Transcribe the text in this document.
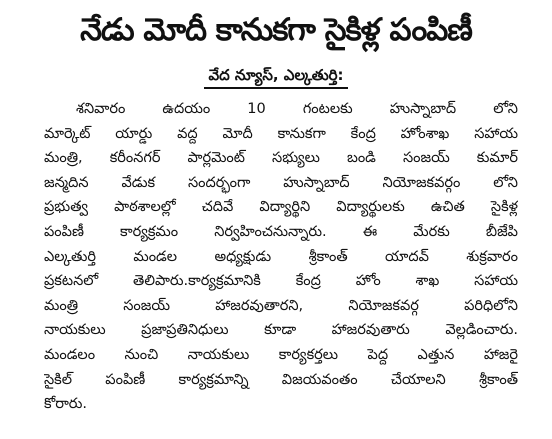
నేడు మోదీ కానుకగా సైకిళ్ల పంపిణీ
వేద న్యూస్, ఎల్కతుర్తి:
శనివారం ఉదయం 10 గంటలకు హుస్నాబాద్ లోని
మార్కెట్ యార్డు వద్ద మోదీ కానుకగా కేంద్ర హోంశాఖ సహాయ
మంత్రి, కరీంనగర్ పార్లమెంట్ సభ్యులు బండి సంజయ్ కుమార్
జన్మదిన వేడుక సందర్భంగా హుస్నాబాద్ నియోజకవర్గం లోని
ప్రభుత్వ పాఠశాలల్లో చదివే విద్యార్థిని విద్యార్థులకు ఉచిత సైకిళ్ల
పంపిణీ కార్యక్రమం నిర్వహించనున్నారు. ఈ మేరకు బీజేపి
ఎల్కతుర్తి మండల అధ్యక్షుడు శ్రీకాంత్ యాదవ్ శుక్రవారం
ప్రకటనలో తెలిపారు.కార్యక్రమానికి కేంద్ర హోం శాఖ సహాయ
మంత్రి సంజయ్ హాజరవుతారని, నియోజకవర్గ పరిధిలోని
నాయకులు ప్రజాప్రతినిధులు కూడా హాజరవుతారు వెల్లడించారు.
మండలం నుంచి నాయకులు కార్యకర్తలు పెద్ద ఎత్తున హాజరై
సైకిల్ పంపిణీ కార్యక్రమాన్ని విజయవంతం చేయాలని శ్రీకాంత్
కోరారు.
